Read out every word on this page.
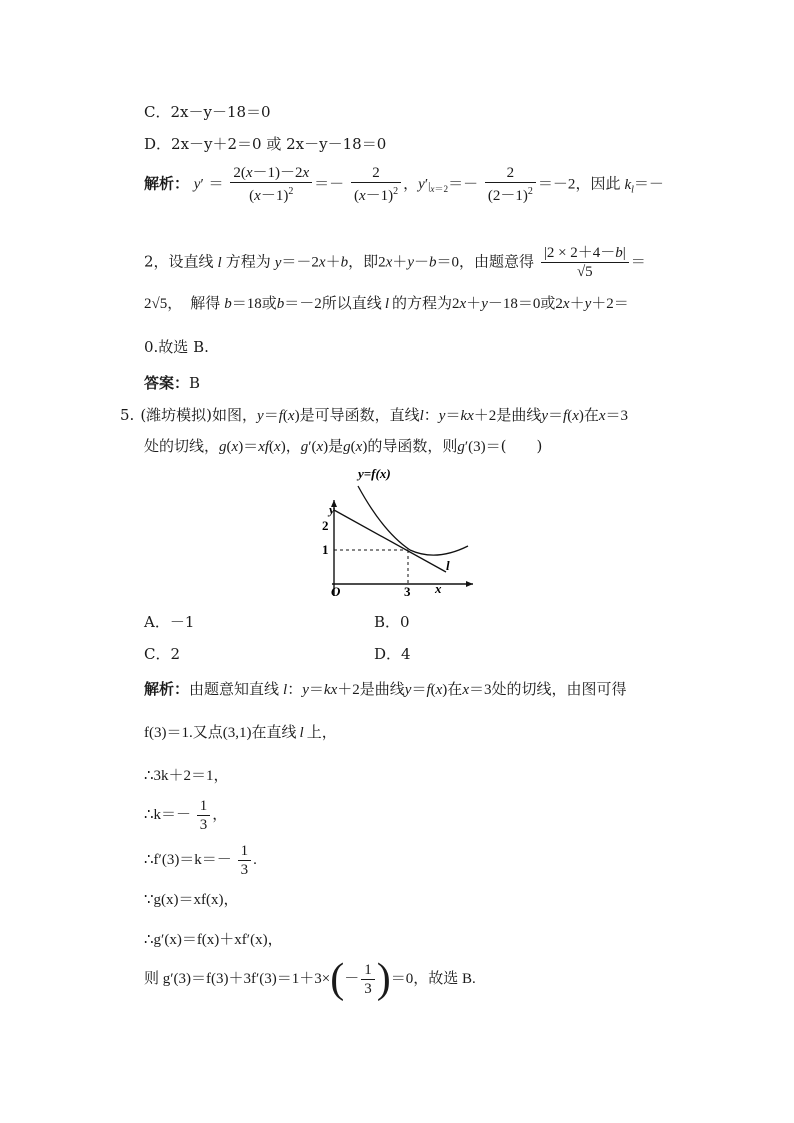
C．2x－y－18＝0
D．2x－y＋2＝0 或 2x－y－18＝0
解析： $y' = \frac{2(x-1)-2x}{(x-1)^2} =- \frac{2}{(x-1)^2}$ ，$y'|_{x=2}=- \frac{2}{(2-1)^2} =-2$，因此 $k_l=-$
2，设直线 l 方程为 y＝－2x＋b，即2x＋y－b＝0，由题意得 $\frac{|2 \times 2+4-b|}{√5}$ ＝
2√5， 解得 b＝18或b＝－2所以直线 l 的方程为2x＋y－18＝0或2x＋y＋2＝
0.故选 B.
答案：B
5. (潍坊模拟)如图，y＝f(x)是可导函数，直线l：y＝kx＋2是曲线y＝f(x)在x＝3
处的切线，g(x)＝xf(x)，g′(x)是g(x)的导函数，则g′(3)＝(　　)
y=f(x)
y
2
1
O	3 x
l
A．－1	B．0
C．2	D．4
解析：由题意知直线 l：y＝kx＋2是曲线y＝f(x)在x＝3处的切线，由图可得
f(3)＝1.又点(3,1)在直线 l 上，
∴3k＋2＝1，
∴k＝－ $\frac{1}{3}$ ，
∴f′(3)＝k＝－ $\frac{1}{3}$ .
∵g(x)＝xf(x)，
∴g′(x)＝f(x)＋xf′(x)，
则 $g'(3)=f(3)+3f'(3)=1+3\times(- \frac{1}{3} )=0$，故选 B.
